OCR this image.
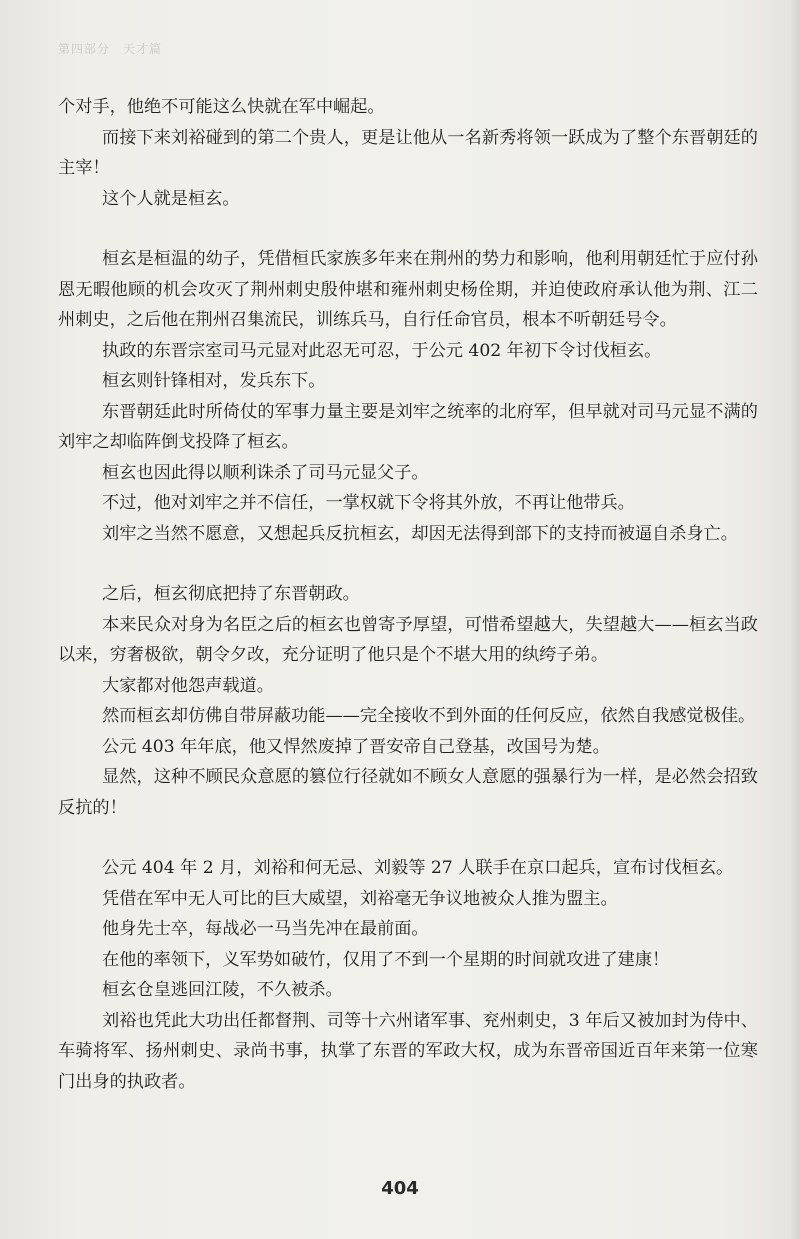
第四部分　天才篇

个对手，他绝不可能这么快就在军中崛起。

而接下来刘裕碰到的第二个贵人，更是让他从一名新秀将领一跃成为了整个东晋朝廷的主宰！

这个人就是桓玄。

桓玄是桓温的幼子，凭借桓氏家族多年来在荆州的势力和影响，他利用朝廷忙于应付孙恩无暇他顾的机会攻灭了荆州刺史殷仲堪和雍州刺史杨佺期，并迫使政府承认他为荆、江二州刺史，之后他在荆州召集流民，训练兵马，自行任命官员，根本不听朝廷号令。

执政的东晋宗室司马元显对此忍无可忍，于公元 402 年初下令讨伐桓玄。

桓玄则针锋相对，发兵东下。

东晋朝廷此时所倚仗的军事力量主要是刘牢之统率的北府军，但早就对司马元显不满的刘牢之却临阵倒戈投降了桓玄。

桓玄也因此得以顺利诛杀了司马元显父子。

不过，他对刘牢之并不信任，一掌权就下令将其外放，不再让他带兵。

刘牢之当然不愿意，又想起兵反抗桓玄，却因无法得到部下的支持而被逼自杀身亡。

之后，桓玄彻底把持了东晋朝政。

本来民众对身为名臣之后的桓玄也曾寄予厚望，可惜希望越大，失望越大——桓玄当政以来，穷奢极欲，朝令夕改，充分证明了他只是个不堪大用的纨绔子弟。

大家都对他怨声载道。

然而桓玄却仿佛自带屏蔽功能——完全接收不到外面的任何反应，依然自我感觉极佳。

公元 403 年年底，他又悍然废掉了晋安帝自己登基，改国号为楚。

显然，这种不顾民众意愿的篡位行径就如不顾女人意愿的强暴行为一样，是必然会招致反抗的！

公元 404 年 2 月，刘裕和何无忌、刘毅等 27 人联手在京口起兵，宣布讨伐桓玄。

凭借在军中无人可比的巨大威望，刘裕毫无争议地被众人推为盟主。

他身先士卒，每战必一马当先冲在最前面。

在他的率领下，义军势如破竹，仅用了不到一个星期的时间就攻进了建康！

桓玄仓皇逃回江陵，不久被杀。

刘裕也凭此大功出任都督荆、司等十六州诸军事、兖州刺史，3 年后又被加封为侍中、车骑将军、扬州刺史、录尚书事，执掌了东晋的军政大权，成为东晋帝国近百年来第一位寒门出身的执政者。

404
